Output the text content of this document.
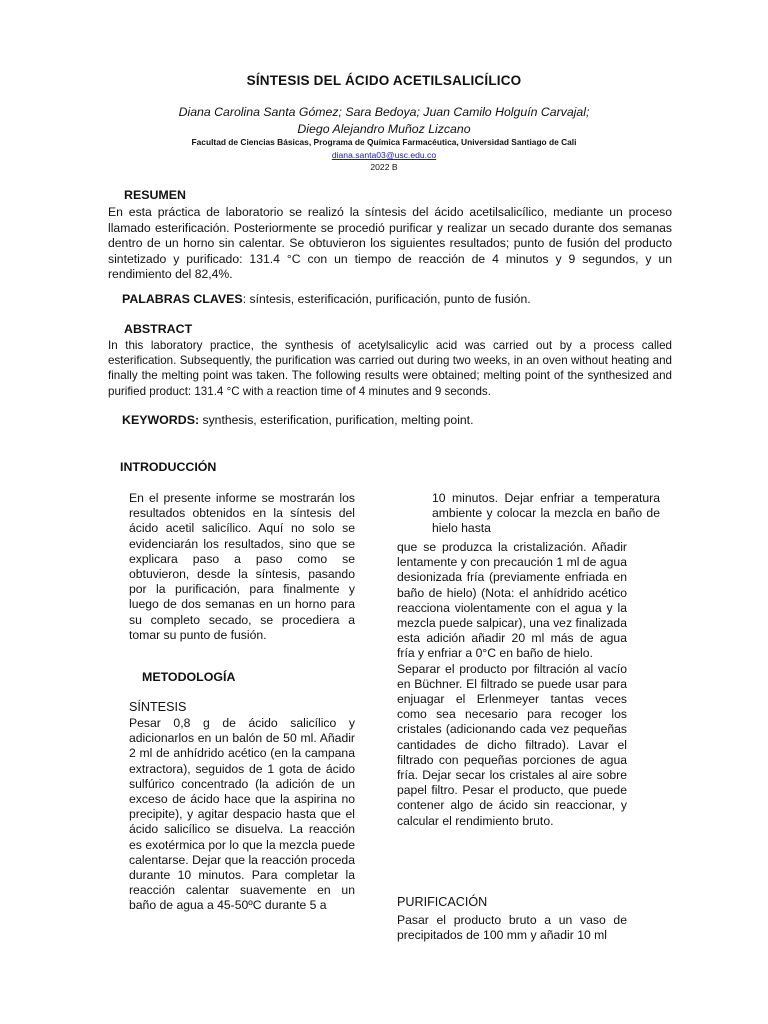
SÍNTESIS DEL ÁCIDO ACETILSALICÍLICO
Diana Carolina Santa Gómez; Sara Bedoya; Juan Camilo Holguín Carvajal;
Diego Alejandro Muñoz Lizcano
Facultad de Ciencias Básicas, Programa de Química Farmacéutica, Universidad Santiago de Cali
diana.santa03@usc.edu.co
2022 B
RESUMEN
En esta práctica de laboratorio se realizó la síntesis del ácido acetilsalicílico, mediante un proceso llamado esterificación. Posteriormente se procedió purificar y realizar un secado durante dos semanas dentro de un horno sin calentar. Se obtuvieron los siguientes resultados; punto de fusión del producto sintetizado y purificado: 131.4 °C con un tiempo de reacción de 4 minutos y 9 segundos, y un rendimiento del 82,4%.
PALABRAS CLAVES: síntesis, esterificación, purificación, punto de fusión.
ABSTRACT
In this laboratory practice, the synthesis of acetylsalicylic acid was carried out by a process called esterification. Subsequently, the purification was carried out during two weeks, in an oven without heating and finally the melting point was taken. The following results were obtained; melting point of the synthesized and purified product: 131.4 °C with a reaction time of 4 minutes and 9 seconds.
KEYWORDS: synthesis, esterification, purification, melting point.
INTRODUCCIÓN
En el presente informe se mostrarán los resultados obtenidos en la síntesis del ácido acetil salicílico. Aquí no solo se evidenciarán los resultados, sino que se explicara paso a paso como se obtuvieron, desde la síntesis, pasando por la purificación, para finalmente y luego de dos semanas en un horno para su completo secado, se procediera a tomar su punto de fusión.
METODOLOGÍA
SÍNTESIS
Pesar 0,8 g de ácido salicílico y adicionarlos en un balón de 50 ml. Añadir 2 ml de anhídrido acético (en la campana extractora), seguidos de 1 gota de ácido sulfúrico concentrado (la adición de un exceso de ácido hace que la aspirina no precipite), y agitar despacio hasta que el ácido salicílico se disuelva. La reacción es exotérmica por lo que la mezcla puede calentarse. Dejar que la reacción proceda durante 10 minutos. Para completar la reacción calentar suavemente en un baño de agua a 45-50ºC durante 5 a
10 minutos. Dejar enfriar a temperatura ambiente y colocar la mezcla en baño de hielo hasta

que se produzca la cristalización. Añadir lentamente y con precaución 1 ml de agua desionizada fría (previamente enfriada en baño de hielo) (Nota: el anhídrido acético reacciona violentamente con el agua y la mezcla puede salpicar), una vez finalizada esta adición añadir 20 ml más de agua fría y enfriar a 0°C en baño de hielo.

Separar el producto por filtración al vacío en Büchner. El filtrado se puede usar para enjuagar el Erlenmeyer tantas veces como sea necesario para recoger los cristales (adicionando cada vez pequeñas cantidades de dicho filtrado). Lavar el filtrado con pequeñas porciones de agua fría. Dejar secar los cristales al aire sobre papel filtro. Pesar el producto, que puede contener algo de ácido sin reaccionar, y calcular el rendimiento bruto.

PURIFICACIÓN
Pasar el producto bruto a un vaso de precipitados de 100 mm y añadir 10 ml
